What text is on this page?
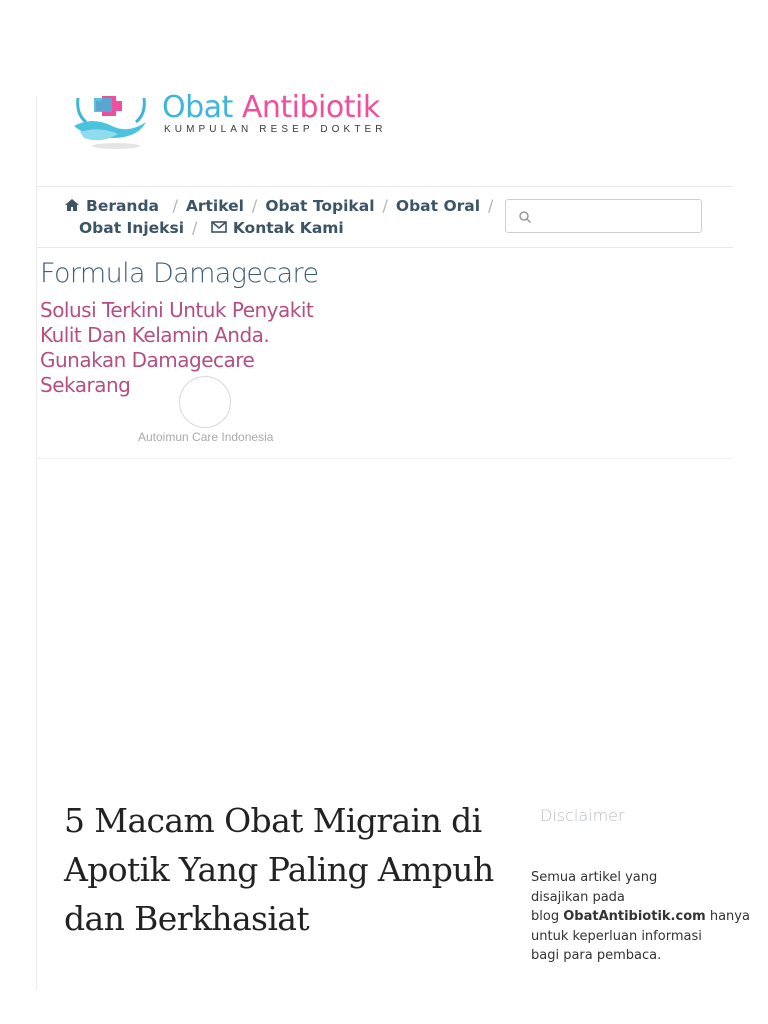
Obat Antibiotik
KUMPULAN RESEP DOKTER
Beranda / Artikel / Obat Topikal / Obat Oral /
Obat Injeksi / Kontak Kami
Formula Damagecare
Solusi Terkini Untuk Penyakit Kulit Dan Kelamin Anda. Gunakan Damagecare Sekarang
Autoimun Care Indonesia
5 Macam Obat Migrain di Apotik Yang Paling Ampuh dan Berkhasiat
Disclaimer
Semua artikel yang disajikan pada
blog ObatAntibiotik.com hanya
untuk keperluan informasi
bagi para pembaca.
